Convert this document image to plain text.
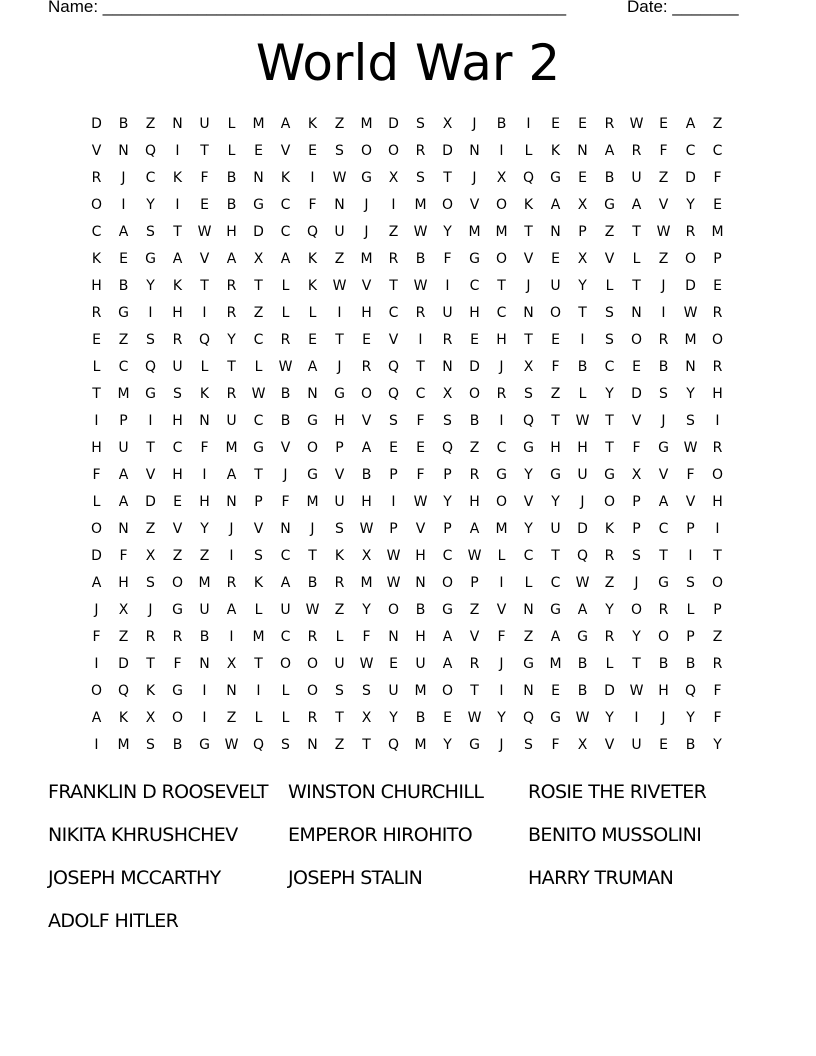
Name: _________________________________________________	Date: _______
World War 2
D	B	Z	N	U	L	M	A	K	Z	M	D	S	X	J	B	I	E	E	R	W	E	A	Z
V	N	Q	I	T	L	E	V	E	S	O	O	R	D	N	I	L	K	N	A	R	F	C	C
R	J	C	K	F	B	N	K	I	W	G	X	S	T	J	X	Q	G	E	B	U	Z	D	F
O	I	Y	I	E	B	G	C	F	N	J	I	M	O	V	O	K	A	X	G	A	V	Y	E
C	A	S	T	W	H	D	C	Q	U	J	Z	W	Y	M	M	T	N	P	Z	T	W	R	M
K	E	G	A	V	A	X	A	K	Z	M	R	B	F	G	O	V	E	X	V	L	Z	O	P
H	B	Y	K	T	R	T	L	K	W	V	T	W	I	C	T	J	U	Y	L	T	J	D	E
R	G	I	H	I	R	Z	L	L	I	H	C	R	U	H	C	N	O	T	S	N	I	W	R
E	Z	S	R	Q	Y	C	R	E	T	E	V	I	R	E	H	T	E	I	S	O	R	M	O
L	C	Q	U	L	T	L	W	A	J	R	Q	T	N	D	J	X	F	B	C	E	B	N	R
T	M	G	S	K	R	W	B	N	G	O	Q	C	X	O	R	S	Z	L	Y	D	S	Y	H
I	P	I	H	N	U	C	B	G	H	V	S	F	S	B	I	Q	T	W	T	V	J	S	I
H	U	T	C	F	M	G	V	O	P	A	E	E	Q	Z	C	G	H	H	T	F	G	W	R
F	A	V	H	I	A	T	J	G	V	B	P	F	P	R	G	Y	G	U	G	X	V	F	O
L	A	D	E	H	N	P	F	M	U	H	I	W	Y	H	O	V	Y	J	O	P	A	V	H
O	N	Z	V	Y	J	V	N	J	S	W	P	V	P	A	M	Y	U	D	K	P	C	P	I
D	F	X	Z	Z	I	S	C	T	K	X	W	H	C	W	L	C	T	Q	R	S	T	I	T
A	H	S	O	M	R	K	A	B	R	M	W	N	O	P	I	L	C	W	Z	J	G	S	O
J	X	J	G	U	A	L	U	W	Z	Y	O	B	G	Z	V	N	G	A	Y	O	R	L	P
F	Z	R	R	B	I	M	C	R	L	F	N	H	A	V	F	Z	A	G	R	Y	O	P	Z
I	D	T	F	N	X	T	O	O	U	W	E	U	A	R	J	G	M	B	L	T	B	B	R
O	Q	K	G	I	N	I	L	O	S	S	U	M	O	T	I	N	E	B	D	W	H	Q	F
A	K	X	O	I	Z	L	L	R	T	X	Y	B	E	W	Y	Q	G	W	Y	I	J	Y	F
I	M	S	B	G	W	Q	S	N	Z	T	Q	M	Y	G	J	S	F	X	V	U	E	B	Y
FRANKLIN D ROOSEVELT	WINSTON CHURCHILL	ROSIE THE RIVETER
NIKITA KHRUSHCHEV	EMPEROR HIROHITO	BENITO MUSSOLINI
JOSEPH MCCARTHY	JOSEPH STALIN	HARRY TRUMAN
ADOLF HITLER
